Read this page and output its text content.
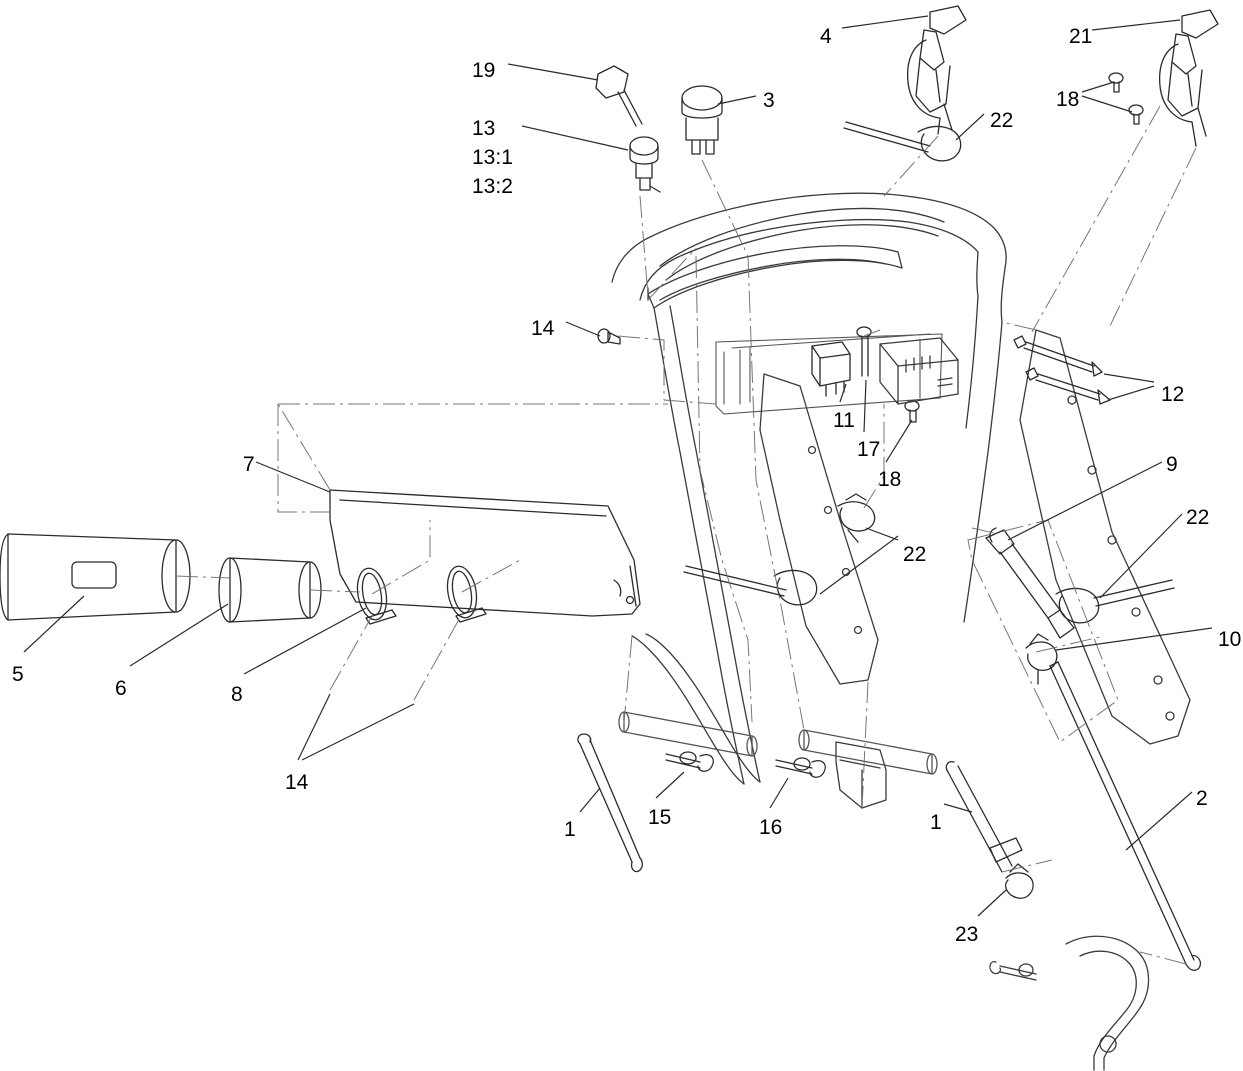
19
13
13:1
13:2
3
4
22
21
18
14
12
11
17
18
7	9
22
22
10
5
6	8
14
2
1
15	16	1
23
